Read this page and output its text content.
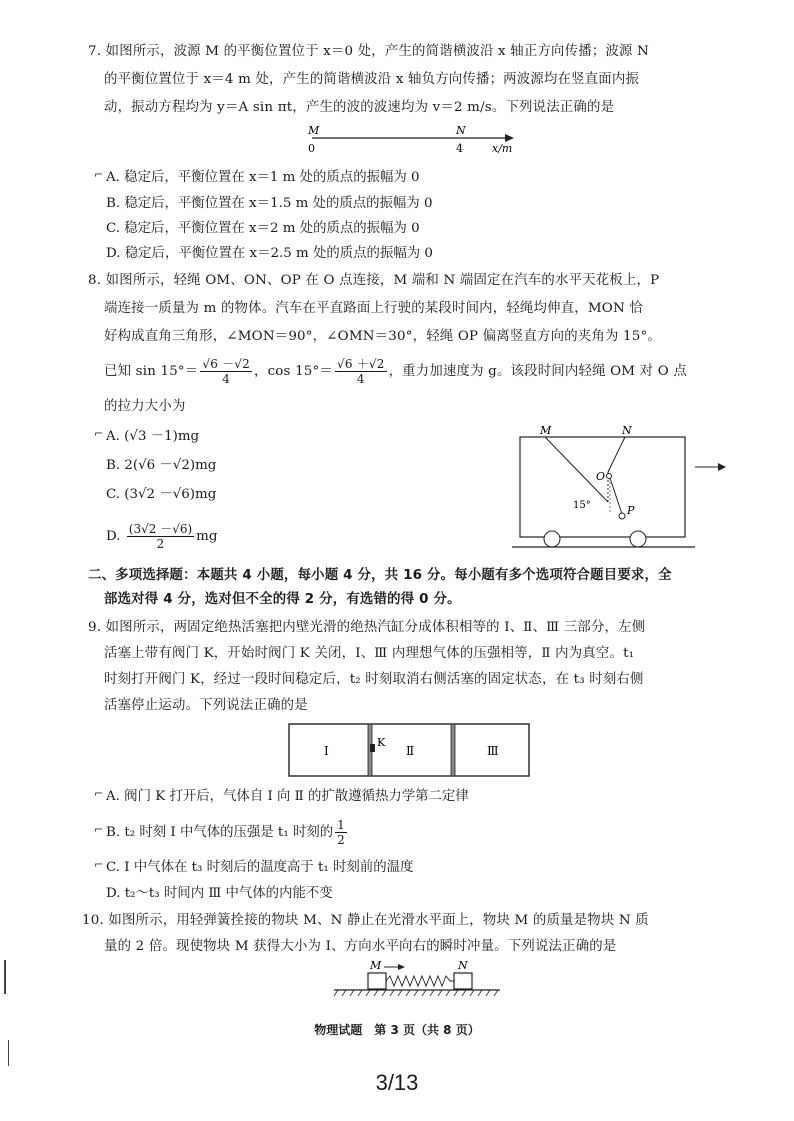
7. 如图所示，波源 M 的平衡位置位于 x＝0 处，产生的简谐横波沿 x 轴正方向传播；波源 N
的平衡位置位于 x＝4 m 处，产生的简谐横波沿 x 轴负方向传播；两波源均在竖直面内振
动，振动方程均为 y＝A sin πt，产生的波的波速均为 v＝2 m/s。下列说法正确的是
M	N
0	4	x/m
⌐ A. 稳定后，平衡位置在 x＝1 m 处的质点的振幅为 0
B. 稳定后，平衡位置在 x＝1.5 m 处的质点的振幅为 0
C. 稳定后，平衡位置在 x＝2 m 处的质点的振幅为 0
D. 稳定后，平衡位置在 x＝2.5 m 处的质点的振幅为 0
8. 如图所示，轻绳 OM、ON、OP 在 O 点连接，M 端和 N 端固定在汽车的水平天花板上，P
端连接一质量为 m 的物体。汽车在平直路面上行驶的某段时间内，轻绳均伸直，MON 恰
好构成直角三角形，∠MON＝90°，∠OMN＝30°，轻绳 OP 偏离竖直方向的夹角为 15°。
已知 $\sin 15^\circ= \frac{√6 -√2}{4}$ ，$\cos 15^\circ= \frac{√6 +√2}{4}$ ，重力加速度为 g。该段时间内轻绳 OM 对 O 点
的拉力大小为
⌐ A. (√3 －1)mg
B. 2(√6 －√2)mg
C. (3√2 －√6)mg
D. $\frac{(3√2 -√6)}{2}$ mg
M	N
O
P
15°
二、多项选择题：本题共 4 小题，每小题 4 分，共 16 分。每小题有多个选项符合题目要求，全
部选对得 4 分，选对但不全的得 2 分，有选错的得 0 分。
9. 如图所示，两固定绝热活塞把内壁光滑的绝热汽缸分成体积相等的 Ⅰ、Ⅱ、Ⅲ 三部分，左侧
活塞上带有阀门 K，开始时阀门 K 关闭，Ⅰ、Ⅲ 内理想气体的压强相等，Ⅱ 内为真空。t₁
时刻打开阀门 K，经过一段时间稳定后，t₂ 时刻取消右侧活塞的固定状态，在 t₃ 时刻右侧
活塞停止运动。下列说法正确的是
Ⅰ
K
Ⅱ	Ⅲ
⌐ A. 阀门 K 打开后，气体自 Ⅰ 向 Ⅱ 的扩散遵循热力学第二定律
⌐ B. t₂ 时刻 Ⅰ 中气体的压强是 t₁ 时刻的 $\frac{1}{2}$
⌐ C. Ⅰ 中气体在 t₃ 时刻后的温度高于 t₁ 时刻前的温度
D. t₂～t₃ 时间内 Ⅲ 中气体的内能不变
10. 如图所示，用轻弹簧拴接的物块 M、N 静止在光滑水平面上，物块 M 的质量是物块 N 质
量的 2 倍。现使物块 M 获得大小为 I、方向水平向右的瞬时冲量。下列说法正确的是
M	N
物理试题　第 3 页（共 8 页）
3/13
